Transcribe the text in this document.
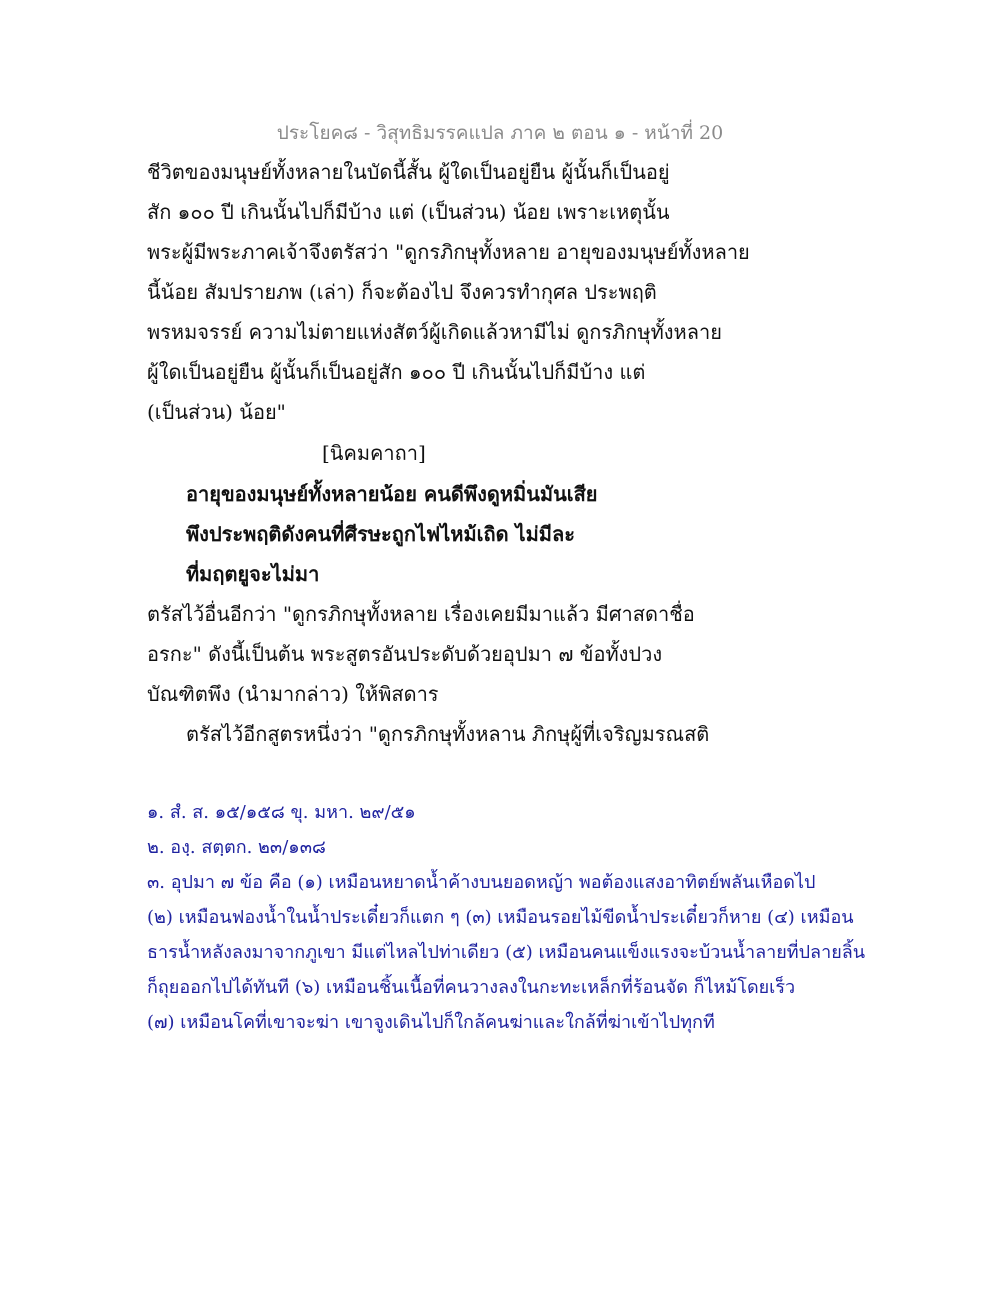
ประโยค๘ - วิสุทธิมรรคแปล ภาค ๒ ตอน ๑ - หน้าที่ 20
ชีวิตของมนุษย์ทั้งหลายในบัดนี้สั้น ผู้ใดเป็นอยู่ยืน ผู้นั้นก็เป็นอยู่
สัก ๑๐๐ ปี เกินนั้นไปก็มีบ้าง แต่ (เป็นส่วน) น้อย เพราะเหตุนั้น
พระผู้มีพระภาคเจ้าจึงตรัสว่า "ดูกรภิกษุทั้งหลาย อายุของมนุษย์ทั้งหลาย
นี้น้อย สัมปรายภพ (เล่า) ก็จะต้องไป จึงควรทำกุศล ประพฤติ
พรหมจรรย์ ความไม่ตายแห่งสัตว์ผู้เกิดแล้วหามีไม่ ดูกรภิกษุทั้งหลาย
ผู้ใดเป็นอยู่ยืน ผู้นั้นก็เป็นอยู่สัก ๑๐๐ ปี เกินนั้นไปก็มีบ้าง แต่
(เป็นส่วน) น้อย"
[นิคมคาถา]
อายุของมนุษย์ทั้งหลายน้อย คนดีพึงดูหมิ่นมันเสีย
พึงประพฤติดังคนที่ศีรษะถูกไฟไหม้เถิด ไม่มีละ
ที่มฤตยูจะไม่มา
ตรัสไว้อื่นอีกว่า "ดูกรภิกษุทั้งหลาย เรื่องเคยมีมาแล้ว มีศาสดาชื่อ
อรกะ" ดังนี้เป็นต้น พระสูตรอันประดับด้วยอุปมา ๗ ข้อทั้งปวง
บัณฑิตพึง (นำมากล่าว) ให้พิสดาร
ตรัสไว้อีกสูตรหนึ่งว่า "ดูกรภิกษุทั้งหลาน ภิกษุผู้ที่เจริญมรณสติ
๑. สํ. ส. ๑๕/๑๕๘ ขุ. มหา. ๒๙/๕๑
๒. องฺ. สตฺตก. ๒๓/๑๓๘
๓. อุปมา ๗ ข้อ คือ (๑) เหมือนหยาดน้ำค้างบนยอดหญ้า พอต้องแสงอาทิตย์พลันเหือดไป
(๒) เหมือนฟองน้ำในน้ำประเดี๋ยวก็แตก ๆ (๓) เหมือนรอยไม้ขีดน้ำประเดี๋ยวก็หาย (๔) เหมือน
ธารน้ำหลังลงมาจากภูเขา มีแต่ไหลไปท่าเดียว (๕) เหมือนคนแข็งแรงจะบ้วนน้ำลายที่ปลายลิ้น
ก็ถุยออกไปได้ทันที (๖) เหมือนชิ้นเนื้อที่คนวางลงในกะทะเหล็กที่ร้อนจัด ก็ไหม้โดยเร็ว
(๗) เหมือนโคที่เขาจะฆ่า เขาจูงเดินไปก็ใกล้คนฆ่าและใกล้ที่ฆ่าเข้าไปทุกที
